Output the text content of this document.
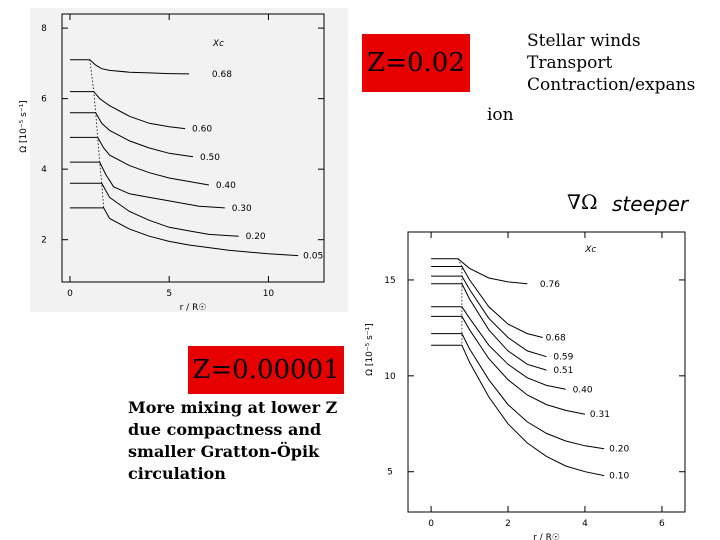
0	5	10
2
4
6
8
r / R☉
Ω [10⁻⁵ s⁻¹]
Xc
0.68
0.60
0.50
0.40
0.30
0.20
0.05
0	2	4	6
5
10
15
r / R☉
Ω [10⁻⁵ s⁻¹]
Xc
0.76
0.68
0.59
0.51
0.40
0.31
0.20
0.10
Z=0.02
Z=0.00001
Stellar winds
Transport
Contraction/expans
ion
More mixing at lower Z
due compactness and
smaller Gratton-Öpik
circulation
∇Ω steeper
